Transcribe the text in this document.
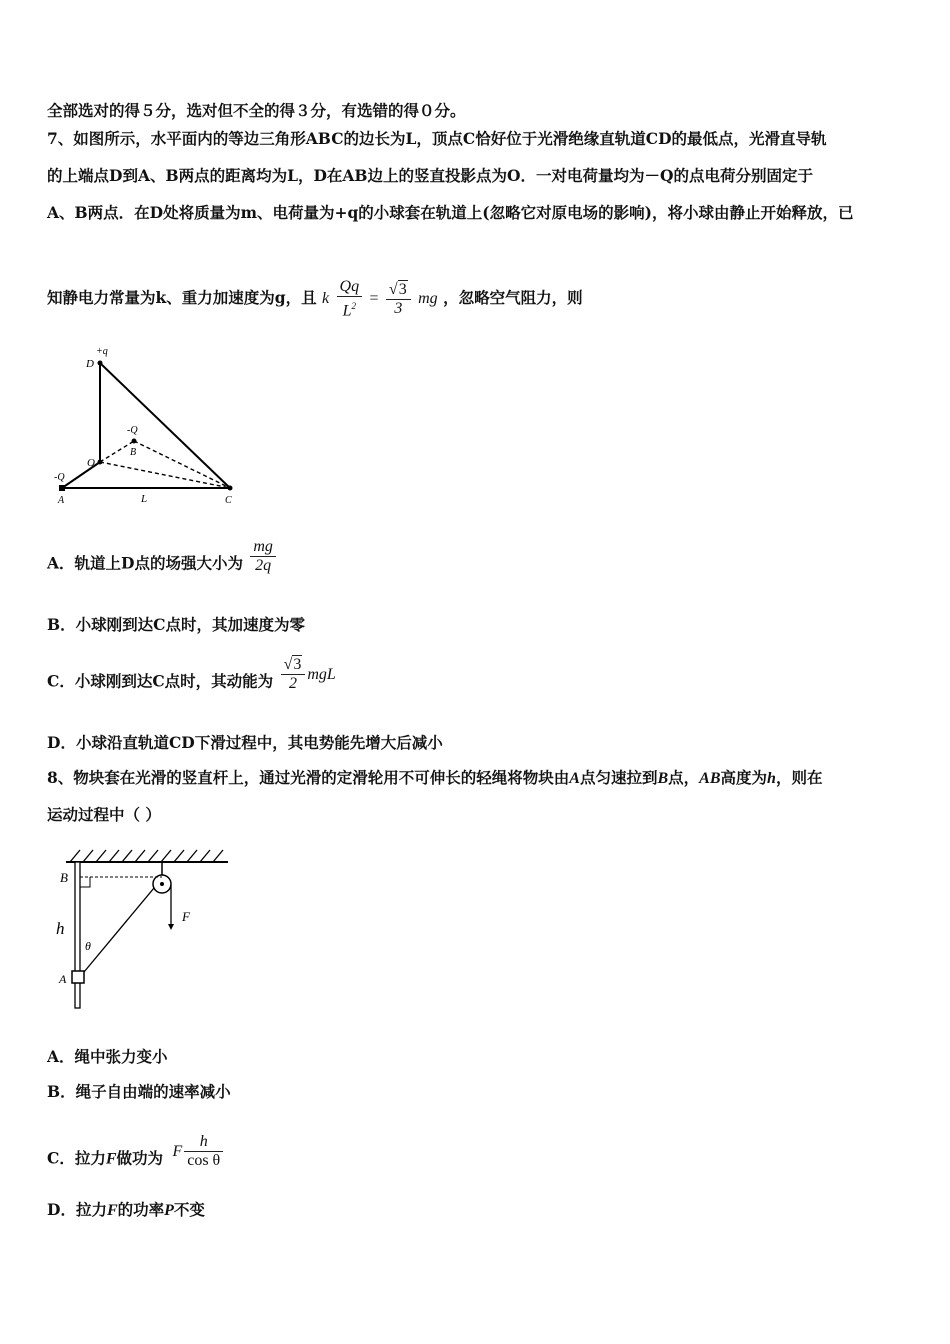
全部选对的得５分，选对但不全的得３分，有选错的得０分。
7、如图所示，水平面内的等边三角形ABC的边长为L，顶点C恰好位于光滑绝缘直轨道CD的最低点，光滑直导轨
的上端点D到A、B两点的距离均为L，D在AB边上的竖直投影点为O．一对电荷量均为－Q的点电荷分别固定于
A、B两点．在D处将质量为m、电荷量为+q的小球套在轨道上(忽略它对原电场的影响)，将小球由静止开始释放，已
知静电力常量为k、重力加速度为g，且 k $\frac{Qq}{L^2} = \frac{√3}{3}$ mg ，忽略空气阻力，则
+q
D
-Q
B
O
-Q
A	L	C
A．轨道上D点的场强大小为 $\frac{mg}{2q}$
B．小球刚到达C点时，其加速度为零
C．小球刚到达C点时，其动能为 $\frac{√3}{2}$ mgL
D．小球沿直轨道CD下滑过程中，其电势能先增大后减小
8、物块套在光滑的竖直杆上，通过光滑的定滑轮用不可伸长的轻绳将物块由A点匀速拉到B点，AB高度为h，则在
运动过程中（ ）
B
h
θ
A
F
A．绳中张力变小
B．绳子自由端的速率减小
C．拉力F做功为 F $\frac{h}{\text{cos θ}}$
D．拉力F的功率P不变
